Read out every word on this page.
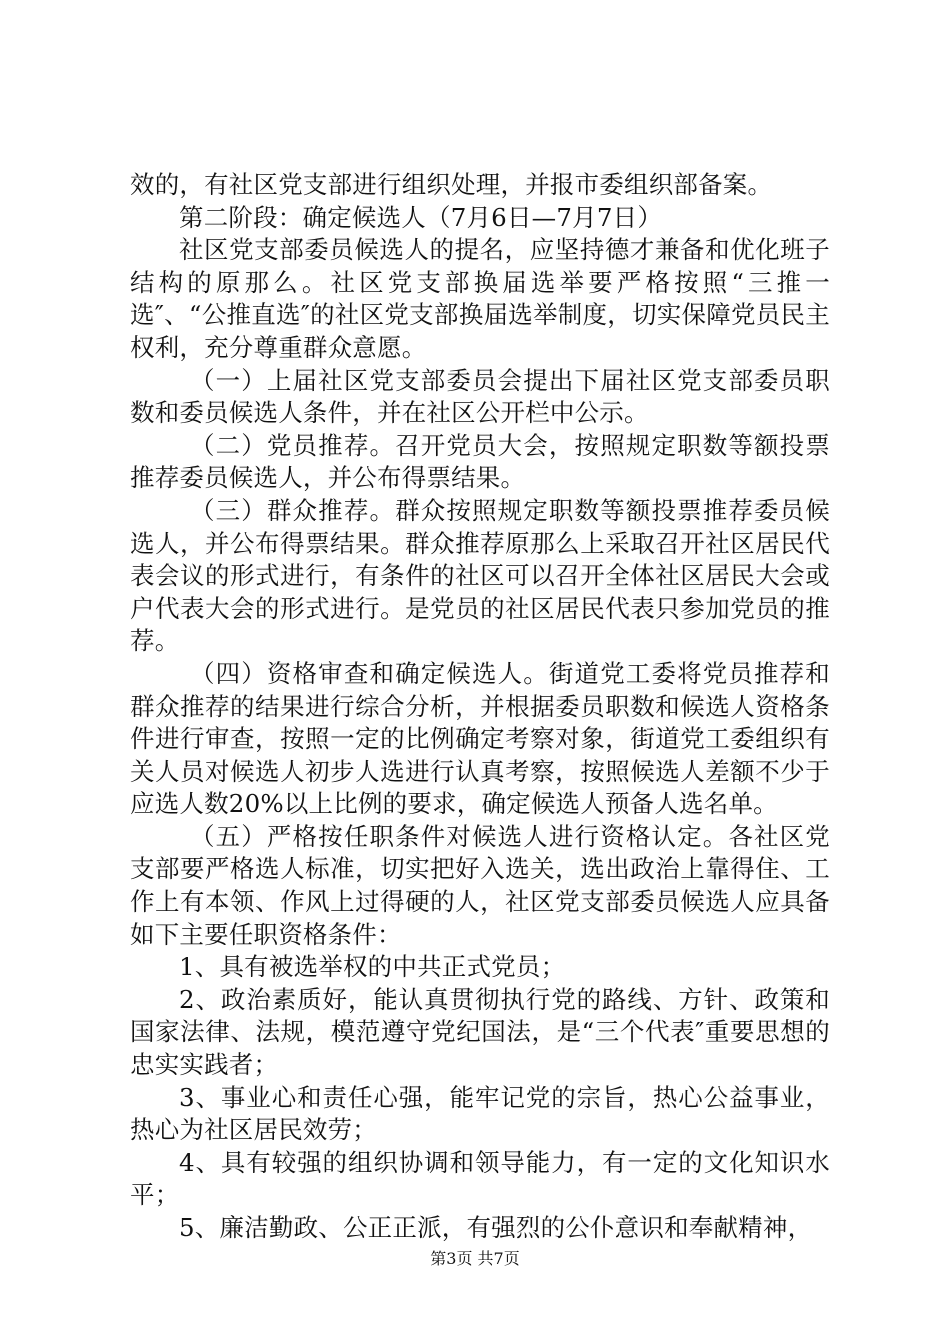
效的，有社区党支部进行组织处理，并报市委组织部备案。

第二阶段：确定候选人（7月6日—7月7日）

社区党支部委员候选人的提名，应坚持德才兼备和优化班子结构的原那么。社区党支部换届选举要严格按照“三推一选″、“公推直选″的社区党支部换届选举制度，切实保障党员民主权利，充分尊重群众意愿。

（一）上届社区党支部委员会提出下届社区党支部委员职数和委员候选人条件，并在社区公开栏中公示。

（二）党员推荐。召开党员大会，按照规定职数等额投票推荐委员候选人，并公布得票结果。

（三）群众推荐。群众按照规定职数等额投票推荐委员候选人，并公布得票结果。群众推荐原那么上采取召开社区居民代表会议的形式进行，有条件的社区可以召开全体社区居民大会或户代表大会的形式进行。是党员的社区居民代表只参加党员的推荐。

（四）资格审查和确定候选人。街道党工委将党员推荐和群众推荐的结果进行综合分析，并根据委员职数和候选人资格条件进行审查，按照一定的比例确定考察对象，街道党工委组织有关人员对候选人初步人选进行认真考察，按照候选人差额不少于应选人数20%以上比例的要求，确定候选人预备人选名单。

（五）严格按任职条件对候选人进行资格认定。各社区党支部要严格选人标准，切实把好入选关，选出政治上靠得住、工作上有本领、作风上过得硬的人，社区党支部委员候选人应具备如下主要任职资格条件：

1、具有被选举权的中共正式党员；

2、政治素质好，能认真贯彻执行党的路线、方针、政策和国家法律、法规，模范遵守党纪国法，是“三个代表″重要思想的忠实实践者；

3、事业心和责任心强，能牢记党的宗旨，热心公益事业，热心为社区居民效劳；

4、具有较强的组织协调和领导能力，有一定的文化知识水平；

5、廉洁勤政、公正正派，有强烈的公仆意识和奉献精神，

第3页 共7页
